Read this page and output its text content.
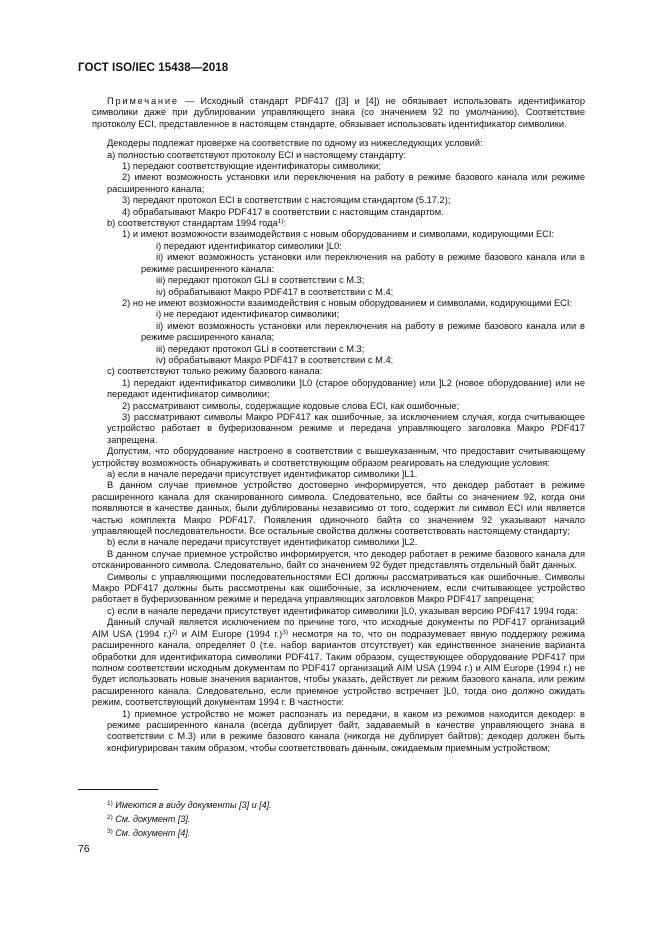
ГОСТ ISO/IEC 15438—2018

Примечание — Исходный стандарт PDF417 ([3] и [4]) не обязывает использовать идентификатор символики даже при дублировании управляющего знака (со значением 92 по умолчанию). Соответствие протоколу ECI, представленное в настоящем стандарте, обязывает использовать идентификатор символики.

Декодеры подлежат проверке на соответствие по одному из нижеследующих условий:

а) полностью соответствуют протоколу ECI и настоящему стандарту:

1) передают соответствующие идентификаторы символики;

2) имеют возможность установки или переключения на работу в режиме базового канала или режиме расширенного канала;

3) передают протокол ECI в соответствии с настоящим стандартом (5.17.2);

4) обрабатывают Макро PDF417 в соответствии с настоящим стандартом.

b) соответствуют стандартам 1994 года$^{1)}$:

1) и имеют возможности взаимодействия с новым оборудованием и символами, кодирующими ECI:

i) передают идентификатор символики ]L0:

ii) имеют возможность установки или переключения на работу в режиме базового канала или в режиме расширенного канала:

iii) передают протокол GLI в соответствии с М.3;

iv) обрабатывают Макро PDF417 в соответствии с М.4;

2) но не имеют возможности взаимодействия с новым оборудованием и символами, кодирующими ECI:

i) не передают идентификатор символики;

ii) имеют возможность установки или переключения на работу в режиме базового канала или в режиме расширенного канала;

iii) передают протокол GLI в соответствии с М.3;

iv) обрабатывают Макро PDF417 в соответствии с М.4;

с) соответствуют только режиму базового канала:

1) передают идентификатор символики ]L0 (старое оборудование) или ]L2 (новое оборудование) или не передают идентификатор символики;

2) рассматривают символы, содержащие кодовые слова ECI, как ошибочные;

3) рассматривают символы Макро PDF417 как ошибочные, за исключением случая, когда считывающее устройство работает в буферизованном режиме и передача управляющего заголовка Макро PDF417 запрещена.

Допустим, что оборудование настроено в соответствии с вышеуказанным, что предоставит считывающему устройству возможность обнаруживать и соответствующим образом реагировать на следующие условия:

а) если в начале передачи присутствует идентификатор символики ]L1.

В данном случае приемное устройство достоверно информируется, что декодер работает в режиме расширенного канала для сканированного символа. Следовательно, все байты со значением 92, когда они появляются в качестве данных, были дублированы независимо от того, содержит ли символ ECI или является частью комплекта Макро PDF417. Появления одиночного байта со значением 92 указывают начало управляющей последовательности. Все остальные свойства должны соответствовать настоящему стандарту;

b) если в начале передачи присутствует идентификатор символики ]L2.

В данном случае приемное устройство информируется, что декодер работает в режиме базового канала для отсканированного символа. Следовательно, байт со значением 92 будет представлять отдельный байт данных.

Символы с управляющими последовательностями ECI должны рассматриваться как ошибочные. Символы Макро PDF417 должны быть рассмотрены как ошибочные, за исключением, если считывающее устройство работает в буферизованном режиме и передача управляющих заголовков Макро PDF417 запрещена;

с) если в начале передачи присутствует идентификатор символики ]L0, указывая версию PDF417 1994 года:

Данный случай является исключением по причине того, что исходные документы по PDF417 организаций AIM USA (1994 г.)$^{2)}$ и AIM Europe (1994 г.)$^{3)}$ несмотря на то, что он подразумевает явную поддержку режима расширенного канала, определяет 0 (т.е. набор вариантов отсутствует) как единственное значение варианта обработки для идентификатора символики PDF417. Таким образом, существующее оборудование PDF417 при полном соответствии исходным документам по PDF417 организаций AIM USA (1994 г.) и AIM Europe (1994 г.) не будет использовать новые значения вариантов, чтобы указать, действует ли режим базового канала, или режим расширенного канала. Следовательно, если приемное устройство встречает ]L0, тогда оно должно ожидать режим, соответствующий документам 1994 г. В частности:

1) приемное устройство не может распознать из передачи, в каком из режимов находится декодер: в режиме расширенного канала (всегда дублирует байт, задаваемый в качестве управляющего знака в соответствии с М.3) или в режиме базового канала (никогда не дублирует байтов); декодер должен быть конфигурирован таким образом, чтобы соответствовать данным, ожидаемым приемным устройством;

$^{1)}$ Имеются в виду документы [3] и [4].
$^{2)}$ См. документ [3].
$^{3)}$ См. документ [4].
76
